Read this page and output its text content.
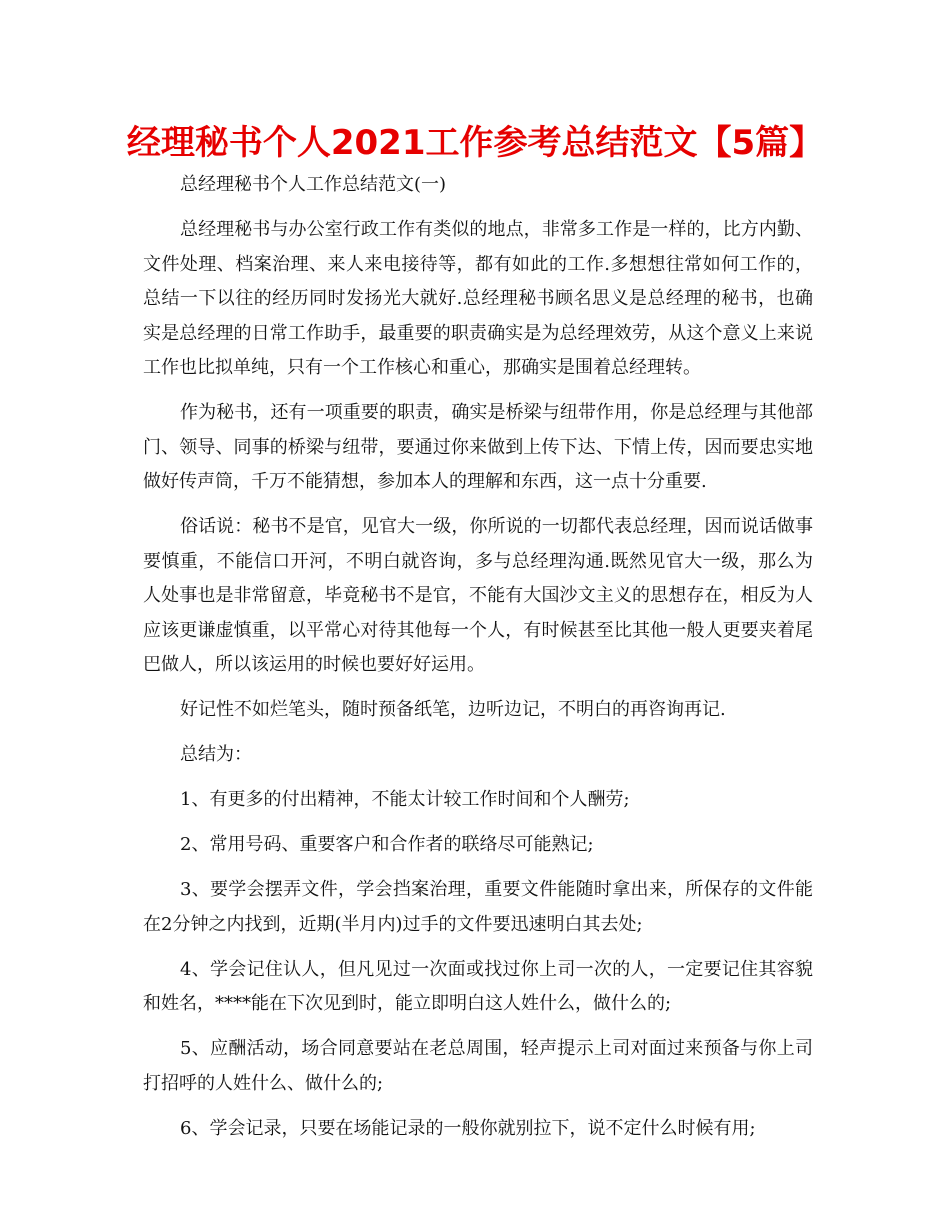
经理秘书个人2021工作参考总结范文【5篇】

总经理秘书个人工作总结范文(一)

总经理秘书与办公室行政工作有类似的地点，非常多工作是一样的，比方内勤、文件处理、档案治理、来人来电接待等，都有如此的工作.多想想往常如何工作的，总结一下以往的经历同时发扬光大就好.总经理秘书顾名思义是总经理的秘书，也确实是总经理的日常工作助手，最重要的职责确实是为总经理效劳，从这个意义上来说工作也比拟单纯，只有一个工作核心和重心，那确实是围着总经理转。

作为秘书，还有一项重要的职责，确实是桥梁与纽带作用，你是总经理与其他部门、领导、同事的桥梁与纽带，要通过你来做到上传下达、下情上传，因而要忠实地做好传声筒，千万不能猜想，参加本人的理解和东西，这一点十分重要.

俗话说：秘书不是官，见官大一级，你所说的一切都代表总经理，因而说话做事要慎重，不能信口开河，不明白就咨询，多与总经理沟通.既然见官大一级，那么为人处事也是非常留意，毕竟秘书不是官，不能有大国沙文主义的思想存在，相反为人应该更谦虚慎重，以平常心对待其他每一个人，有时候甚至比其他一般人更要夹着尾巴做人，所以该运用的时候也要好好运用。

好记性不如烂笔头，随时预备纸笔，边听边记，不明白的再咨询再记.

总结为：

1、有更多的付出精神，不能太计较工作时间和个人酬劳;

2、常用号码、重要客户和合作者的联络尽可能熟记;

3、要学会摆弄文件，学会挡案治理，重要文件能随时拿出来，所保存的文件能在2分钟之内找到，近期(半月内)过手的文件要迅速明白其去处;

4、学会记住认人，但凡见过一次面或找过你上司一次的人，一定要记住其容貌和姓名，****能在下次见到时，能立即明白这人姓什么，做什么的;

5、应酬活动，场合同意要站在老总周围，轻声提示上司对面过来预备与你上司打招呼的人姓什么、做什么的;

6、学会记录，只要在场能记录的一般你就别拉下，说不定什么时候有用;
